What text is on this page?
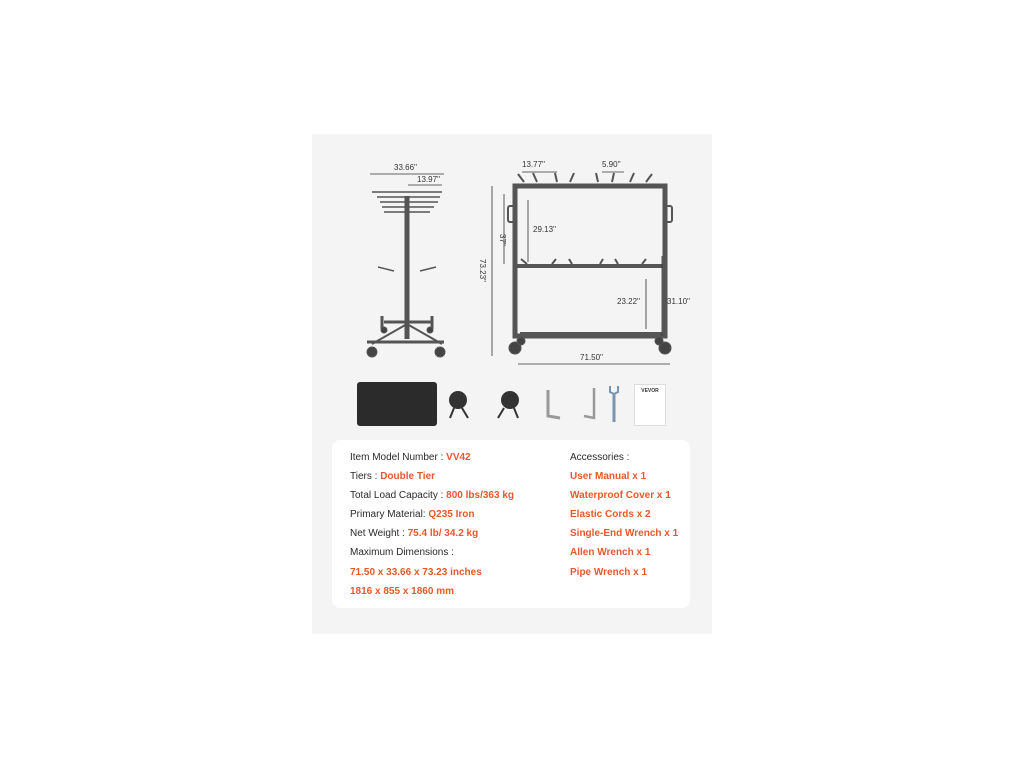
33.66''
13.97''
13.77''	5.90''
73.23''
37''
29.13''
23.22''	31.10''
71.50''
VEVOR
Item Model Number : VV42
Tiers : Double Tier
Total Load Capacity : 800 lbs/363 kg
Primary Material: Q235 Iron
Net Weight : 75.4 lb/ 34.2 kg
Maximum Dimensions :
71.50 x 33.66 x 73.23 inches
1816 x 855 x 1860 mm
Accessories :
User Manual x 1
Waterproof Cover x 1
Elastic Cords x 2
Single-End Wrench x 1
Allen Wrench x 1
Pipe Wrench x 1
